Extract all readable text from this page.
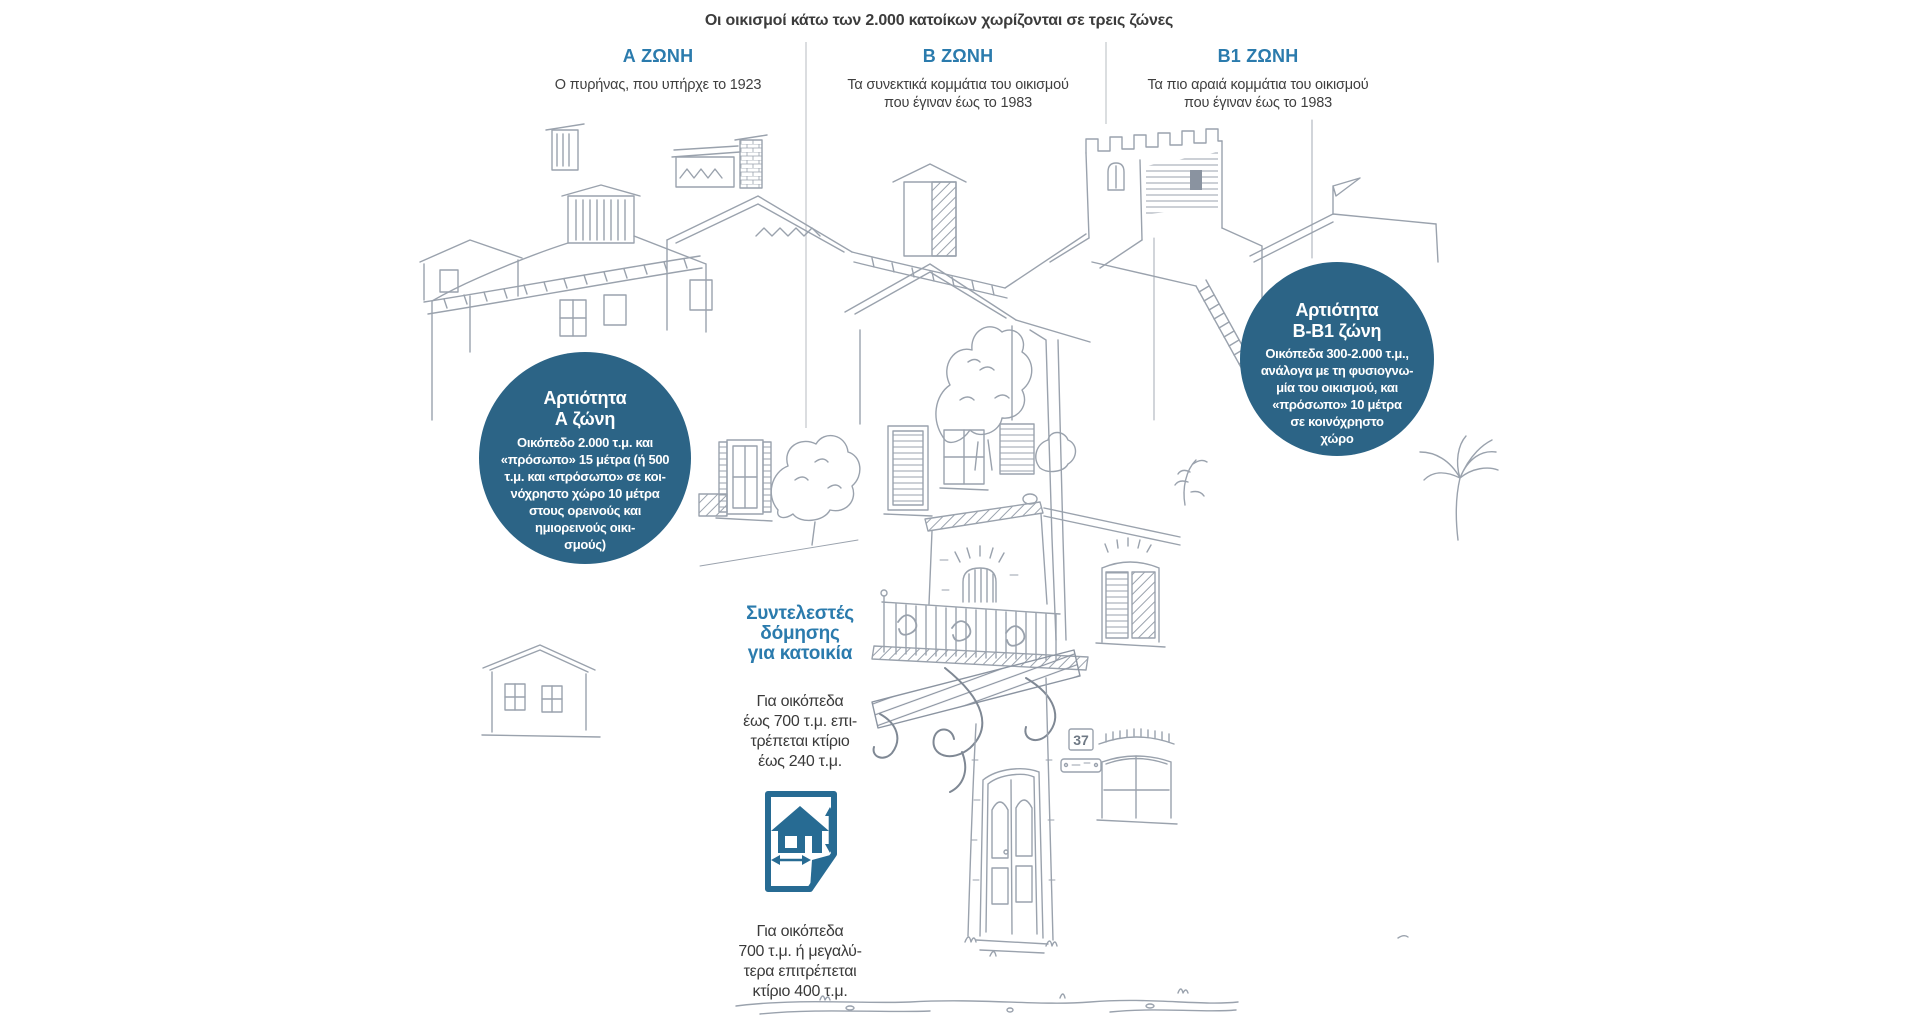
37
Οι οικισμοί κάτω των 2.000 κατοίκων χωρίζονται σε τρεις ζώνες
Α ΖΩΝΗ
Ο πυρήνας, που υπήρχε το 1923
Β ΖΩΝΗ
Τα συνεκτικά κομμάτια του οικισμού
που έγιναν έως το 1983
Β1 ΖΩΝΗ
Τα πιο αραιά κομμάτια του οικισμού
που έγιναν έως το 1983
Αρτιότητα
Α ζώνη
Οικόπεδο 2.000 τ.μ. και
«πρόσωπο» 15 μέτρα (ή 500
τ.μ. και «πρόσωπο» σε κοι-
νόχρηστο χώρο 10 μέτρα
στους ορεινούς και
ημιορεινούς οικι-
σμούς)
Αρτιότητα
Β-Β1 ζώνη
Οικόπεδα 300-2.000 τ.μ.,
ανάλογα με τη φυσιογνω-
μία του οικισμού, και
«πρόσωπο» 10 μέτρα
σε κοινόχρηστο
χώρο
Συντελεστές
δόμησης
για κατοικία
Για οικόπεδα
έως 700 τ.μ. επι-
τρέπεται κτίριο
έως 240 τ.μ.
Για οικόπεδα
700 τ.μ. ή μεγαλύ-
τερα επιτρέπεται
κτίριο 400 τ.μ.
